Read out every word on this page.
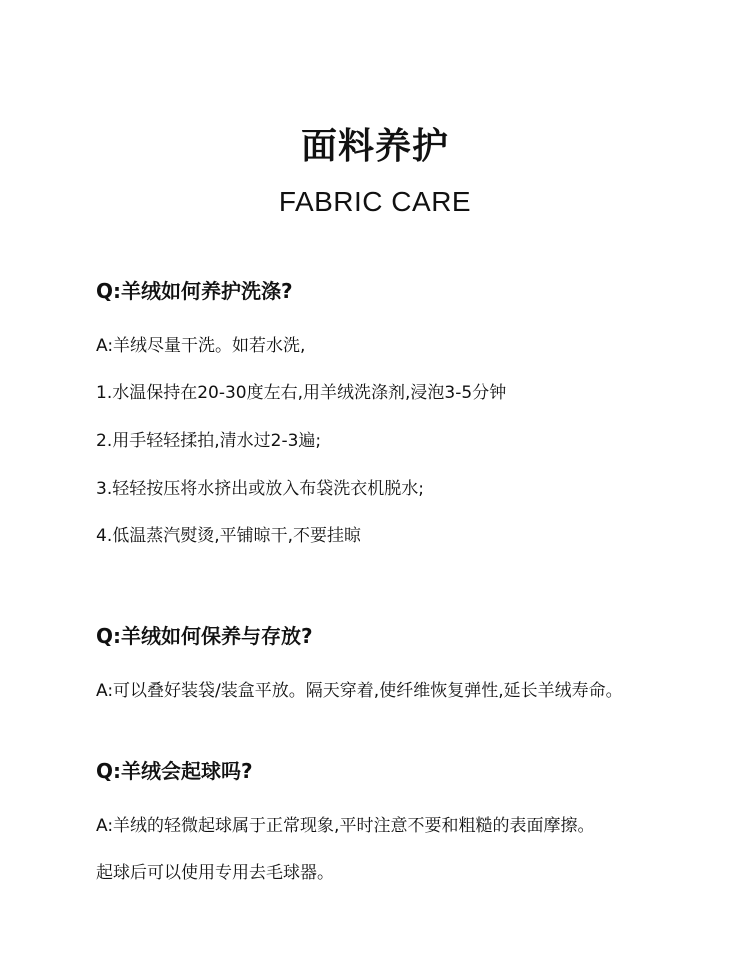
面料养护
FABRIC CARE
Q:羊绒如何养护洗涤?
A:羊绒尽量干洗。如若水洗,
1.水温保持在20-30度左右,用羊绒洗涤剂,浸泡3-5分钟
2.用手轻轻揉拍,清水过2-3遍;
3.轻轻按压将水挤出或放入布袋洗衣机脱水;
4.低温蒸汽熨烫,平铺晾干,不要挂晾
Q:羊绒如何保养与存放?
A:可以叠好装袋/装盒平放。隔天穿着,使纤维恢复弹性,延长羊绒寿命。
Q:羊绒会起球吗?
A:羊绒的轻微起球属于正常现象,平时注意不要和粗糙的表面摩擦。
起球后可以使用专用去毛球器。
